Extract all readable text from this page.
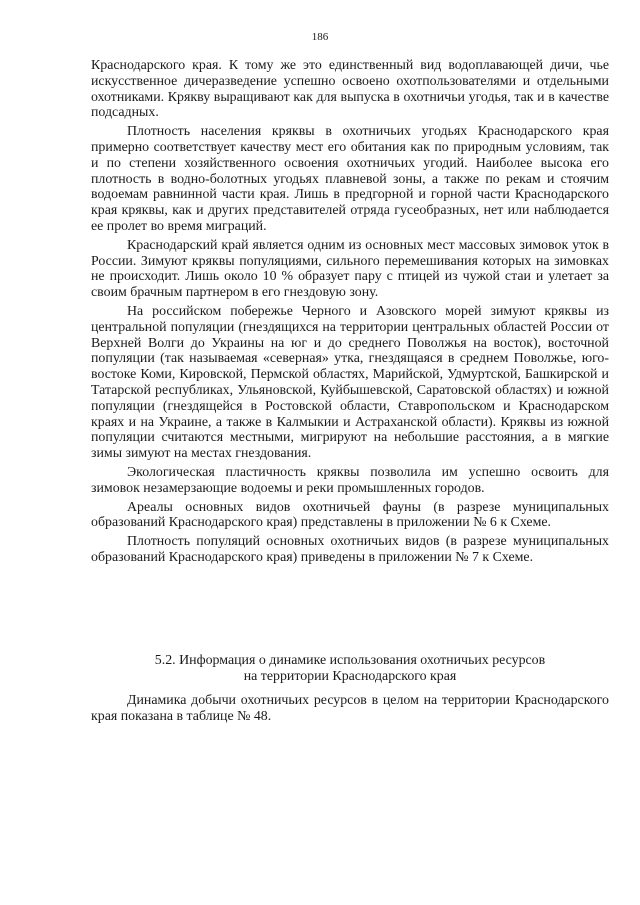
186

Краснодарского края. К тому же это единственный вид водоплавающей дичи, чье искусственное дичеразведение успешно освоено охотпользователями и отдельными охотниками. Крякву выращивают как для выпуска в охотничьи угодья, так и в качестве подсадных.

Плотность населения кряквы в охотничьих угодьях Краснодарского края примерно соответствует качеству мест его обитания как по природным условиям, так и по степени хозяйственного освоения охотничьих угодий. Наиболее высока его плотность в водно-болотных угодьях плавневой зоны, а также по рекам и стоячим водоемам равнинной части края. Лишь в предгорной и горной части Краснодарского края кряквы, как и других представителей отряда гусеобразных, нет или наблюдается ее пролет во время миграций.

Краснодарский край является одним из основных мест массовых зимовок уток в России. Зимуют кряквы популяциями, сильного перемешивания которых на зимовках не происходит. Лишь около 10 % образует пару с птицей из чужой стаи и улетает за своим брачным партнером в его гнездовую зону.

На российском побережье Черного и Азовского морей зимуют кряквы из центральной популяции (гнездящихся на территории центральных областей России от Верхней Волги до Украины на юг и до среднего Поволжья на восток), восточной популяции (так называемая «северная» утка, гнездящаяся в среднем Поволжье, юго-востоке Коми, Кировской, Пермской областях, Марийской, Удмуртской, Башкирской и Татарской республиках, Ульяновской, Куйбышевской, Саратовской областях) и южной популяции (гнездящейся в Ростовской области, Ставропольском и Краснодарском краях и на Украине, а также в Калмыкии и Астраханской области). Кряквы из южной популяции считаются местными, мигрируют на небольшие расстояния, а в мягкие зимы зимуют на местах гнездования.

Экологическая пластичность кряквы позволила им успешно освоить для зимовок незамерзающие водоемы и реки промышленных городов.

Ареалы основных видов охотничьей фауны (в разрезе муниципальных образований Краснодарского края) представлены в приложении № 6 к Схеме.

Плотность популяций основных охотничьих видов (в разрезе муниципальных образований Краснодарского края) приведены в приложении № 7 к Схеме.

5.2. Информация о динамике использования охотничьих ресурсов
на территории Краснодарского края

Динамика добычи охотничьих ресурсов в целом на территории Краснодарского края показана в таблице № 48.
